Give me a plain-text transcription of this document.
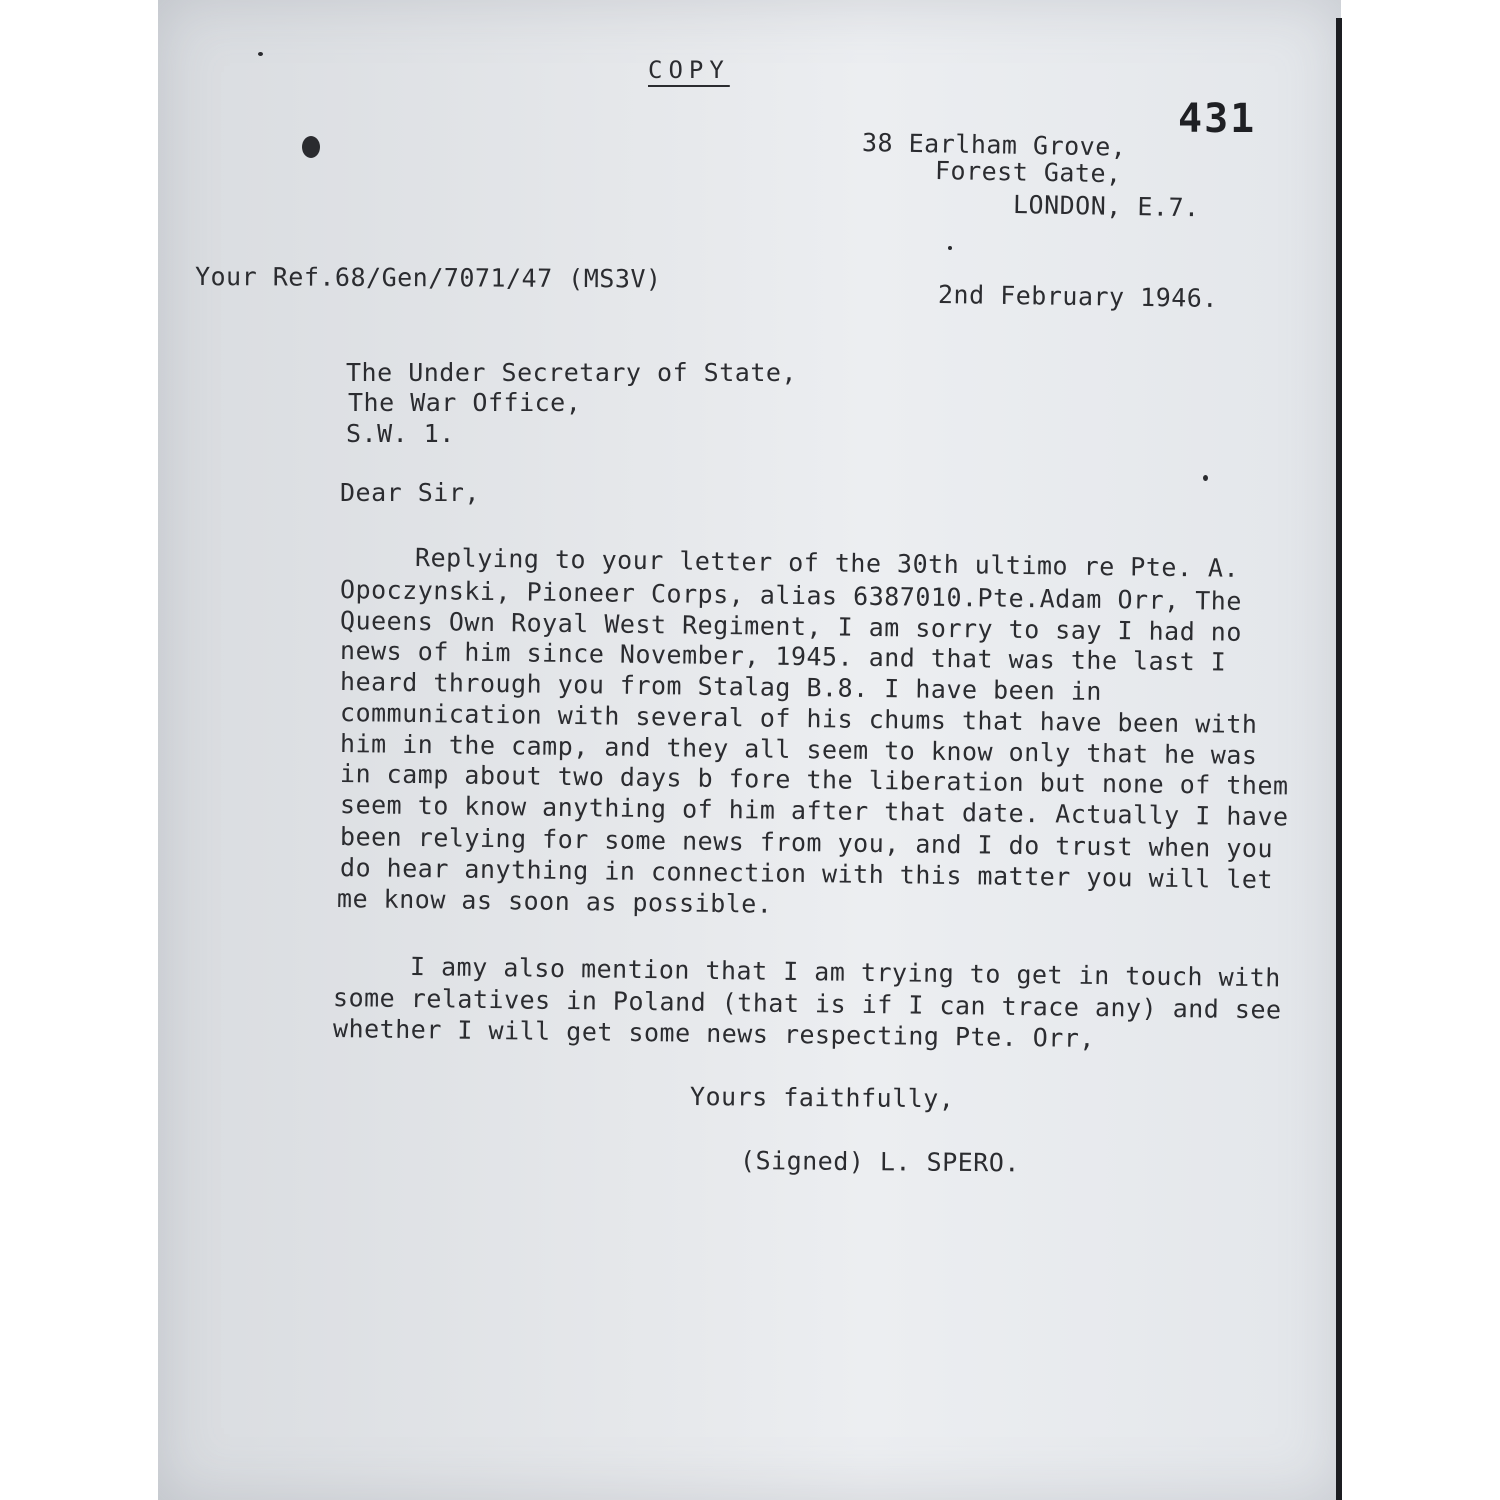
COPY
431
38 Earlham Grove,
Forest Gate,
LONDON, E.7.
Your Ref.68/Gen/7071/47 (MS3V)
2nd February 1946.
The Under Secretary of State,
The War Office,
S.W. 1.
Dear Sir,
Replying to your letter of the 30th ultimo re Pte. A.
Opoczynski, Pioneer Corps, alias 6387010.Pte.Adam Orr, The
Queens Own Royal West Regiment, I am sorry to say I had no
news of him since November, 1945. and that was the last I
heard through you from Stalag B.8. I have been in
communication with several of his chums that have been with
him in the camp, and they all seem to know only that he was
in camp about two days b fore the liberation but none of them
seem to know anything of him after that date. Actually I have
been relying for some news from you, and I do trust when you
do hear anything in connection with this matter you will let
me know as soon as possible.
I amy also mention that I am trying to get in touch with
some relatives in Poland (that is if I can trace any) and see
whether I will get some news respecting Pte. Orr,
Yours faithfully,
(Signed) L. SPERO.
